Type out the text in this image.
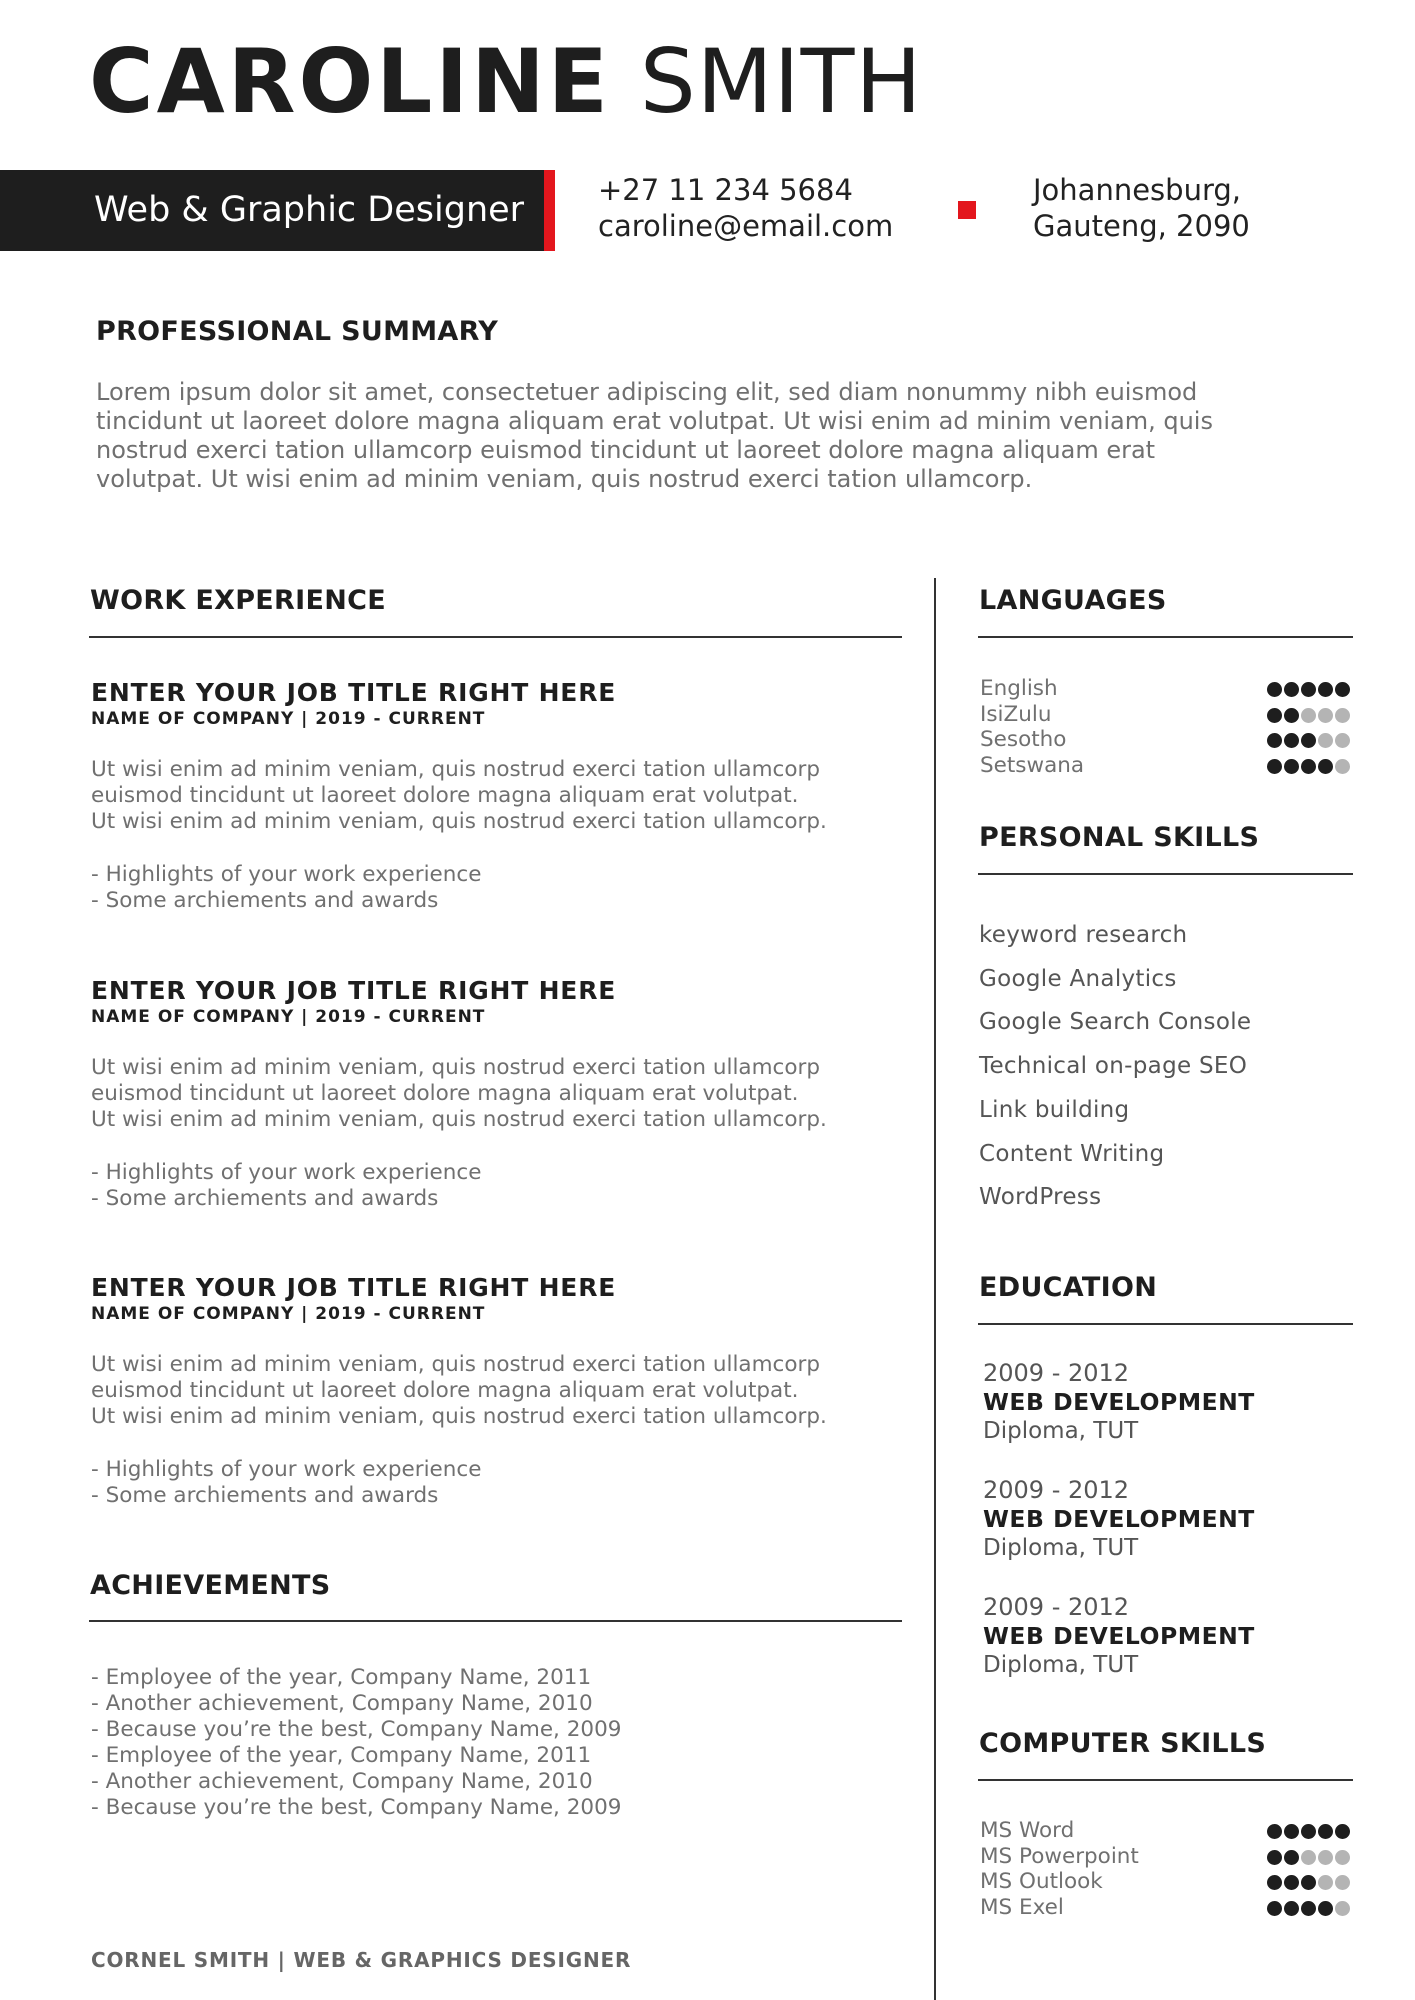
CAROLINE SMITH
Web & Graphic Designer	+27 11 234 5684
caroline@email.com
Johannesburg,
Gauteng, 2090
PROFESSIONAL SUMMARY
Lorem ipsum dolor sit amet, consectetuer adipiscing elit, sed diam nonummy nibh euismod tincidunt ut laoreet dolore magna aliquam erat volutpat. Ut wisi enim ad minim veniam, quis nostrud exerci tation ullamcorp euismod tincidunt ut laoreet dolore magna aliquam erat volutpat. Ut wisi enim ad minim veniam, quis nostrud exerci tation ullamcorp.
WORK EXPERIENCE
ENTER YOUR JOB TITLE RIGHT HERE
NAME OF COMPANY | 2019 - CURRENT
Ut wisi enim ad minim veniam, quis nostrud exerci tation ullamcorp
euismod tincidunt ut laoreet dolore magna aliquam erat volutpat.
Ut wisi enim ad minim veniam, quis nostrud exerci tation ullamcorp.
- Highlights of your work experience
- Some archiements and awards
ENTER YOUR JOB TITLE RIGHT HERE
NAME OF COMPANY | 2019 - CURRENT
Ut wisi enim ad minim veniam, quis nostrud exerci tation ullamcorp
euismod tincidunt ut laoreet dolore magna aliquam erat volutpat.
Ut wisi enim ad minim veniam, quis nostrud exerci tation ullamcorp.
- Highlights of your work experience
- Some archiements and awards
ENTER YOUR JOB TITLE RIGHT HERE
NAME OF COMPANY | 2019 - CURRENT
Ut wisi enim ad minim veniam, quis nostrud exerci tation ullamcorp
euismod tincidunt ut laoreet dolore magna aliquam erat volutpat.
Ut wisi enim ad minim veniam, quis nostrud exerci tation ullamcorp.
- Highlights of your work experience
- Some archiements and awards
ACHIEVEMENTS
- Employee of the year, Company Name, 2011
- Another achievement, Company Name, 2010
- Because you’re the best, Company Name, 2009
- Employee of the year, Company Name, 2011
- Another achievement, Company Name, 2010
- Because you’re the best, Company Name, 2009
CORNEL SMITH | WEB & GRAPHICS DESIGNER
LANGUAGES
English
IsiZulu
Sesotho
Setswana
PERSONAL SKILLS
keyword research
Google Analytics
Google Search Console
Technical on-page SEO
Link building
Content Writing
WordPress
EDUCATION
2009 - 2012
WEB DEVELOPMENT
Diploma, TUT
2009 - 2012
WEB DEVELOPMENT
Diploma, TUT
2009 - 2012
WEB DEVELOPMENT
Diploma, TUT
COMPUTER SKILLS
MS Word
MS Powerpoint
MS Outlook
MS Exel
